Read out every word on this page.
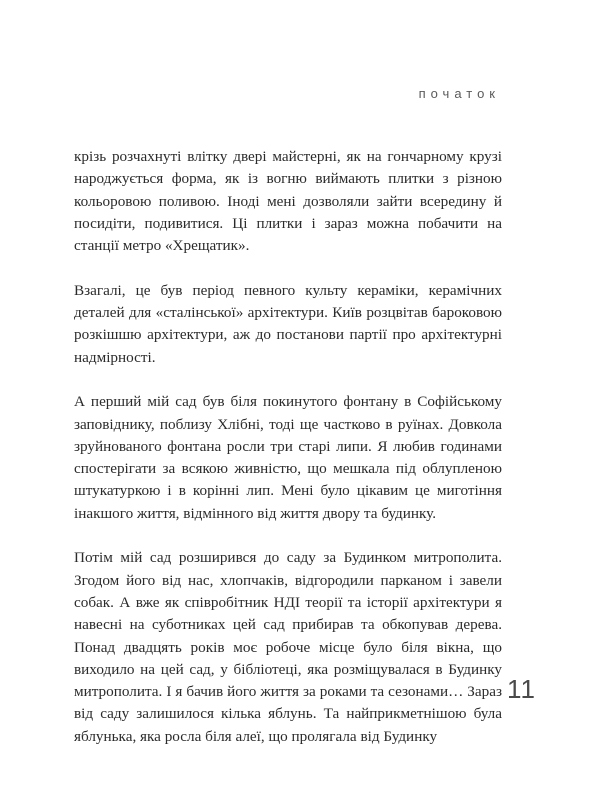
початок

крізь розчахнуті влітку двері майстерні, як на гончарному крузі народжується форма, як із вогню виймають плитки з різною кольоровою поливою. Іноді мені дозволяли зайти всередину й посидіти, подивитися. Ці плитки і зараз можна побачити на станції метро «Хрещатик».

Взагалі, це був період певного культу кераміки, керамічних деталей для «сталінської» архітектури. Київ розцвітав бароковою розкішшю архітектури, аж до постанови партії про архітектурні надмірності.

А перший мій сад був біля покинутого фонтану в Софійському заповіднику, поблизу Хлібні, тоді ще частково в руїнах. Довкола зруйнованого фонтана росли три старі липи. Я любив годинами спостерігати за всякою живністю, що мешкала під облупленою штукатуркою і в корінні лип. Мені було цікавим це миготіння інакшого життя, відмінного від життя двору та будинку.

Потім мій сад розширився до саду за Будинком митрополита. Згодом його від нас, хлопчаків, відгородили парканом і завели собак. А вже як співробітник НДІ теорії та історії архітектури я навесні на суботниках цей сад прибирав та обкопував дерева. Понад двадцять років моє робоче місце було біля вікна, що виходило на цей сад, у бібліотеці, яка розміщувалася в Будинку митрополита. І я бачив його життя за роками та сезонами… Зараз від саду залишилося кілька яблунь. Та найприкметнішою була яблунька, яка росла біля алеї, що пролягала від Будинку

11
